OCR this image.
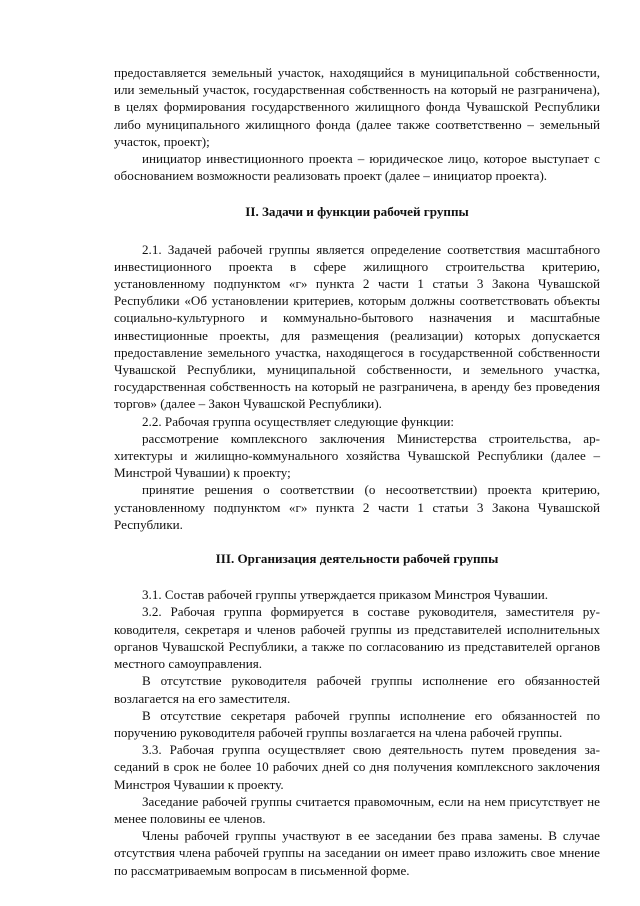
предоставляется земельный участок, находящийся в муниципальной собственности, или земельный участок, государственная собственность на который не разграничена), в целях формирования государственного жилищного фонда Чувашской Республики либо муниципального жилищного фонда (далее также соответственно – земельный участок, проект);

инициатор инвестиционного проекта – юридическое лицо, которое выступает с обоснованием возможности реализовать проект (далее – инициатор проекта).

II. Задачи и функции рабочей группы

2.1. Задачей рабочей группы является определение соответствия масштабного инвестиционного проекта в сфере жилищного строительства критерию, установленному подпунктом «г» пункта 2 части 1 статьи 3 Закона Чувашской Республики «Об установлении критериев, которым должны соответствовать объекты социально-культурного и коммунально-бытового назначения и масштабные инвестиционные проекты, для размещения (реализации) которых допускается предоставление земельного участка, находящегося в государственной собственности Чувашской Республики, муниципальной собственности, и земельного участка, государственная собственность на который не разграничена, в аренду без проведения торгов» (далее – Закон Чувашской Республики).

2.2. Рабочая группа осуществляет следующие функции:

рассмотрение комплексного заключения Министерства строительства, архитектуры и жилищно-коммунального хозяйства Чувашской Республики (далее – Минстрой Чувашии) к проекту;

принятие решения о соответствии (о несоответствии) проекта критерию, установленному подпунктом «г» пункта 2 части 1 статьи 3 Закона Чувашской Республики.

III. Организация деятельности рабочей группы

3.1. Состав рабочей группы утверждается приказом Минстроя Чувашии.

3.2. Рабочая группа формируется в составе руководителя, заместителя руководителя, секретаря и членов рабочей группы из представителей исполнительных органов Чувашской Республики, а также по согласованию из представителей органов местного самоуправления.

В отсутствие руководителя рабочей группы исполнение его обязанностей возлагается на его заместителя.

В отсутствие секретаря рабочей группы исполнение его обязанностей по поручению руководителя рабочей группы возлагается на члена рабочей группы.

3.3. Рабочая группа осуществляет свою деятельность путем проведения заседаний в срок не более 10 рабочих дней со дня получения комплексного заклочения Минстроя Чувашии к проекту.

Заседание рабочей группы считается правомочным, если на нем присутствует не менее половины ее членов.

Члены рабочей группы участвуют в ее заседании без права замены. В случае отсутствия члена рабочей группы на заседании он имеет право изложить свое мнение по рассматриваемым вопросам в письменной форме.
